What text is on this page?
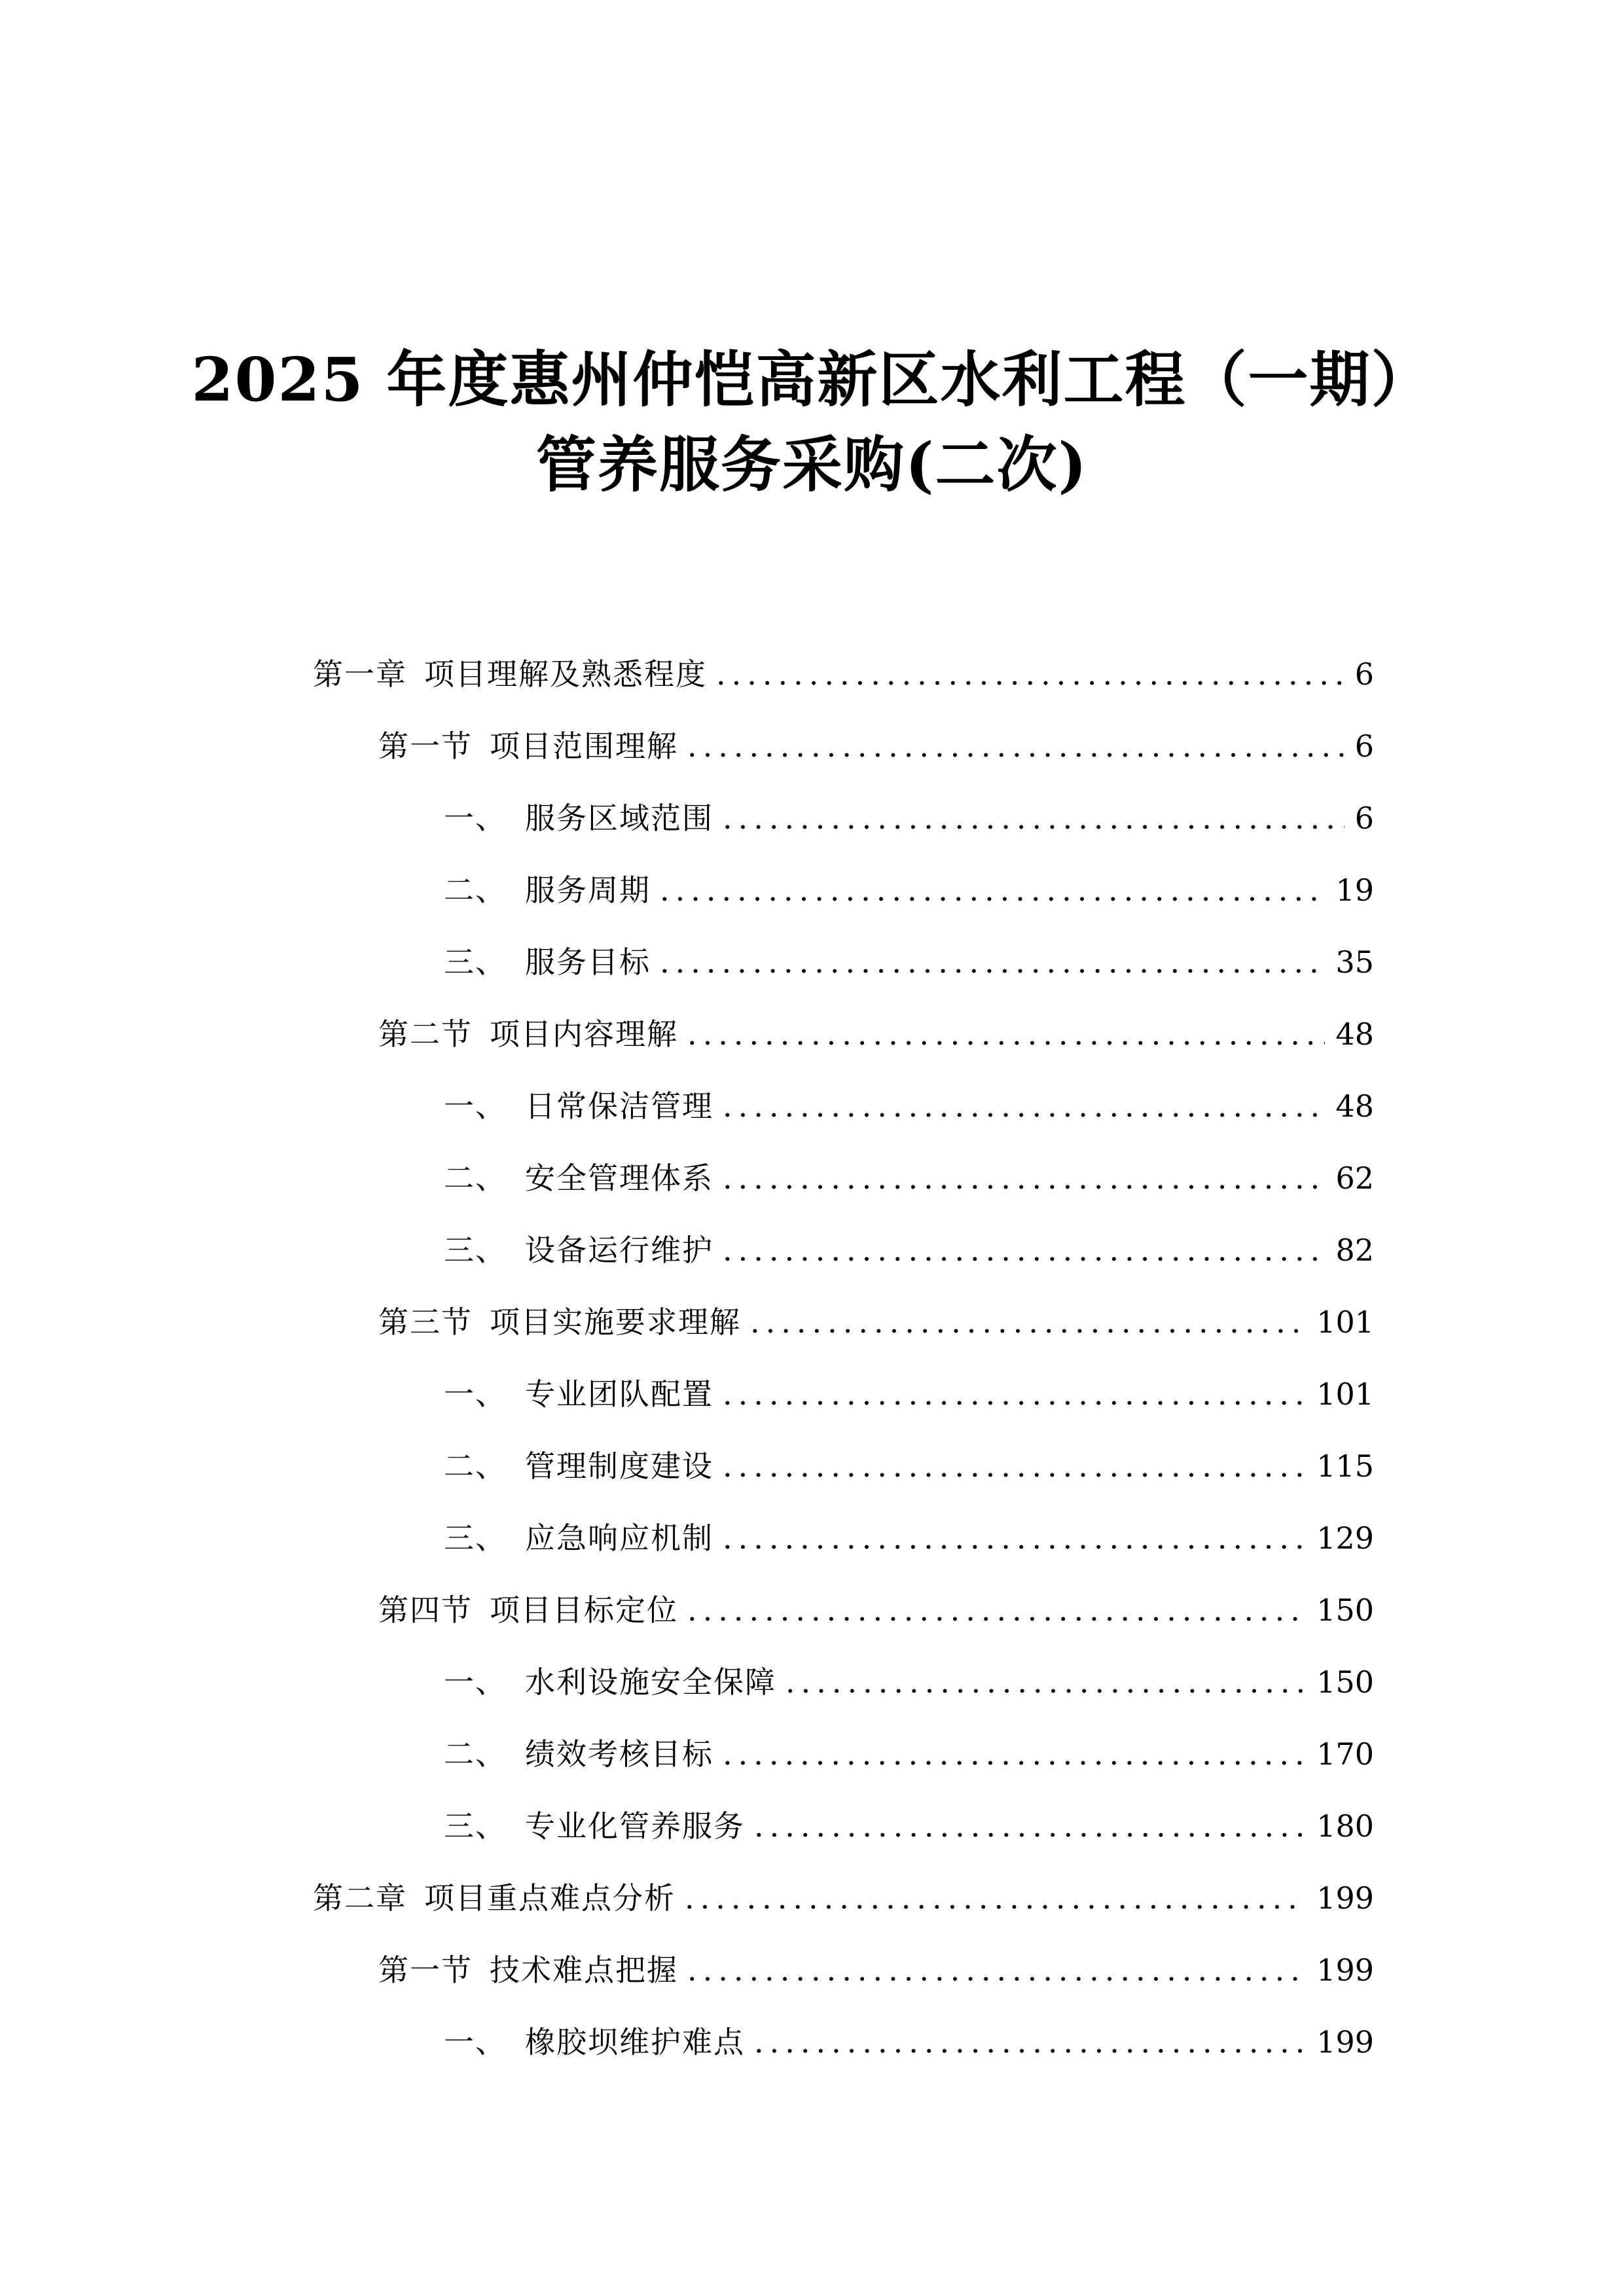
2025 年度惠州仲恺高新区水利工程（一期）
管养服务采购(二次)
第一章 项目理解及熟悉程度 .....	6
第一节 项目范围理解 .....	6
一、 服务区域范围 .....	6
二、 服务周期 .....	19
三、 服务目标 .....	35
第二节 项目内容理解 .....	48
一、 日常保洁管理 .....	48
二、 安全管理体系 .....	62
三、 设备运行维护 .....	82
第三节 项目实施要求理解 .....	101
一、 专业团队配置 .....	101
二、 管理制度建设 .....	115
三、 应急响应机制 .....	129
第四节 项目目标定位 .....	150
一、 水利设施安全保障 .....	150
二、 绩效考核目标 .....	170
三、 专业化管养服务 .....	180
第二章 项目重点难点分析 .....	199
第一节 技术难点把握 .....	199
一、 橡胶坝维护难点 .....	199
